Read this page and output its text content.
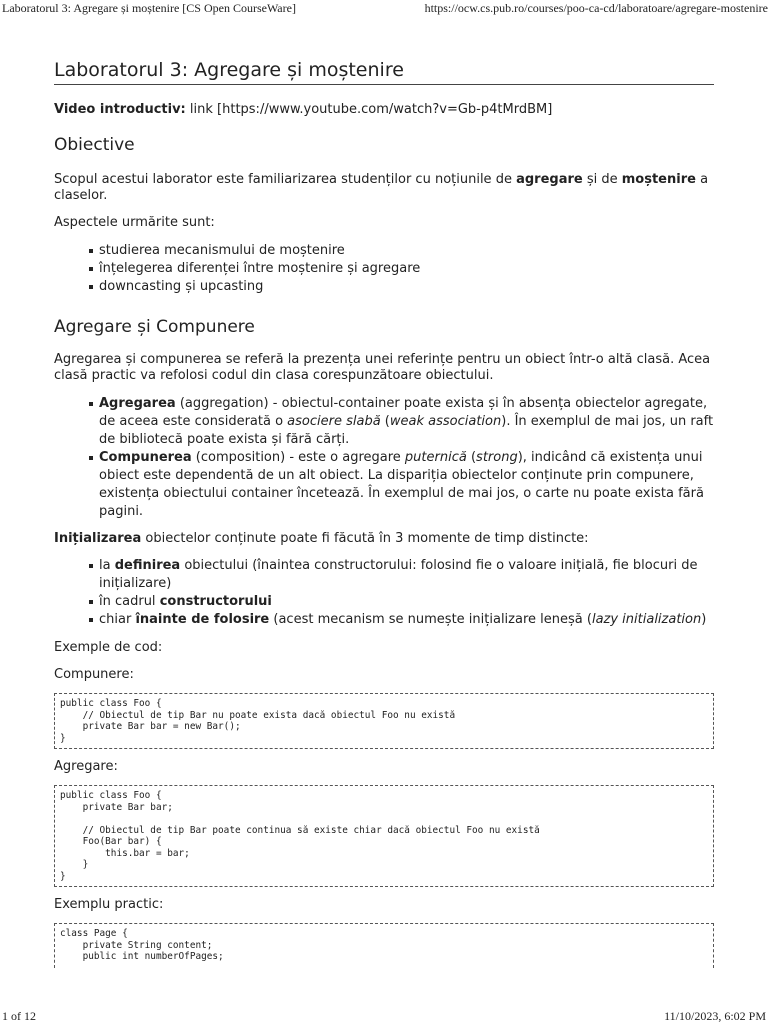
Laboratorul 3: Agregare și moștenire [CS Open CourseWare]	https://ocw.cs.pub.ro/courses/poo-ca-cd/laboratoare/agregare-mostenire
Laboratorul 3: Agregare și moștenire

Video introductiv: link [https://www.youtube.com/watch?v=Gb-p4tMrdBM]

Obiective

Scopul acestui laborator este familiarizarea studenților cu noțiunile de agregare și de moștenire a claselor.

Aspectele urmărite sunt:

studierea mecanismului de moștenire
înțelegerea diferenței între moștenire și agregare
downcasting și upcasting
Agregare și Compunere

Agregarea și compunerea se referă la prezența unei referințe pentru un obiect într-o altă clasă. Acea clasă practic va refolosi codul din clasa corespunzătoare obiectului.

Agregarea (aggregation) - obiectul-container poate exista și în absența obiectelor agregate, de aceea este considerată o asociere slabă (weak association). În exemplul de mai jos, un raft de bibliotecă poate exista și fără cărți.
Compunerea (composition) - este o agregare puternică (strong), indicând că existența unui obiect este dependentă de un alt obiect. La dispariția obiectelor conținute prin compunere, existența obiectului container încetează. În exemplul de mai jos, o carte nu poate exista fără pagini.

Inițializarea obiectelor conținute poate fi făcută în 3 momente de timp distincte:

la definirea obiectului (înaintea constructorului: folosind fie o valoare inițială, fie blocuri de inițializare)
în cadrul constructorului
chiar înainte de folosire (acest mecanism se numește inițializare leneșă (lazy initialization)

Exemple de cod:

Compunere:

public class Foo {
// Obiectul de tip Bar nu poate exista dacă obiectul Foo nu există
private Bar bar = new Bar();
}

Agregare:

public class Foo {
private Bar bar;

// Obiectul de tip Bar poate continua să existe chiar dacă obiectul Foo nu există
Foo(Bar bar) {
this.bar = bar;
}
}

Exemplu practic:

class Page {
private String content;
public int numberOfPages;
1 of 12	11/10/2023, 6:02 PM
